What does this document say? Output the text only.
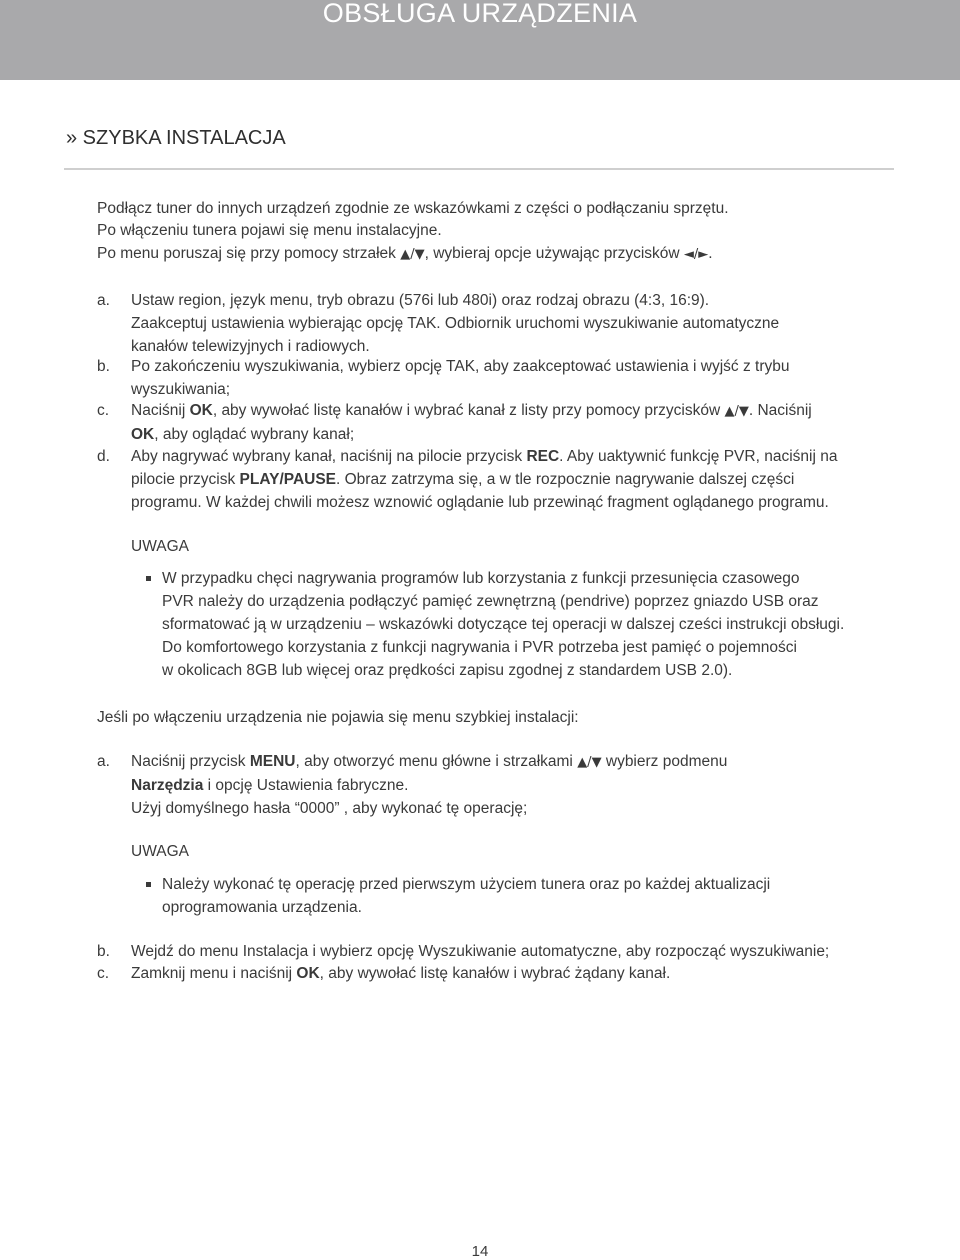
OBSŁUGA URZĄDZENIA
» SZYBKA INSTALACJA
Podłącz tuner do innych urządzeń zgodnie ze wskazówkami z części o podłączaniu sprzętu.
Po włączeniu tunera pojawi się menu instalacyjne.
Po menu poruszaj się przy pomocy strzałek ▲/▼, wybieraj opcje używając przycisków ◄/►.
a. Ustaw region, język menu, tryb obrazu (576i lub 480i) oraz rodzaj obrazu (4:3, 16:9).
Zaakceptuj ustawienia wybierając opcję TAK. Odbiornik uruchomi wyszukiwanie automatyczne
kanałów telewizyjnych i radiowych.
b. Po zakończeniu wyszukiwania, wybierz opcję TAK, aby zaakceptować ustawienia i wyjść z trybu
wyszukiwania;
c. Naciśnij OK, aby wywołać listę kanałów i wybrać kanał z listy przy pomocy przycisków ▲/▼. Naciśnij
OK, aby oglądać wybrany kanał;
d. Aby nagrywać wybrany kanał, naciśnij na pilocie przycisk REC. Aby uaktywnić funkcję PVR, naciśnij na
pilocie przycisk PLAY/PAUSE. Obraz zatrzyma się, a w tle rozpocznie nagrywanie dalszej części
programu. W każdej chwili możesz wznowić oglądanie lub przewinąć fragment oglądanego programu.
UWAGA
W przypadku chęci nagrywania programów lub korzystania z funkcji przesunięcia czasowego
PVR należy do urządzenia podłączyć pamięć zewnętrzną (pendrive) poprzez gniazdo USB oraz
sformatować ją w urządzeniu – wskazówki dotyczące tej operacji w dalszej cześci instrukcji obsługi.
Do komfortowego korzystania z funkcji nagrywania i PVR potrzeba jest pamięć o pojemności
w okolicach 8GB lub więcej oraz prędkości zapisu zgodnej z standardem USB 2.0).
Jeśli po włączeniu urządzenia nie pojawia się menu szybkiej instalacji:
a. Naciśnij przycisk MENU, aby otworzyć menu główne i strzałkami ▲/▼ wybierz podmenu
Narzędzia i opcję Ustawienia fabryczne.
Użyj domyślnego hasła “0000” , aby wykonać tę operację;
UWAGA
Należy wykonać tę operację przed pierwszym użyciem tunera oraz po każdej aktualizacji
oprogramowania urządzenia.
b. Wejdź do menu Instalacja i wybierz opcję Wyszukiwanie automatyczne, aby rozpocząć wyszukiwanie;
c. Zamknij menu i naciśnij OK, aby wywołać listę kanałów i wybrać żądany kanał.
14
